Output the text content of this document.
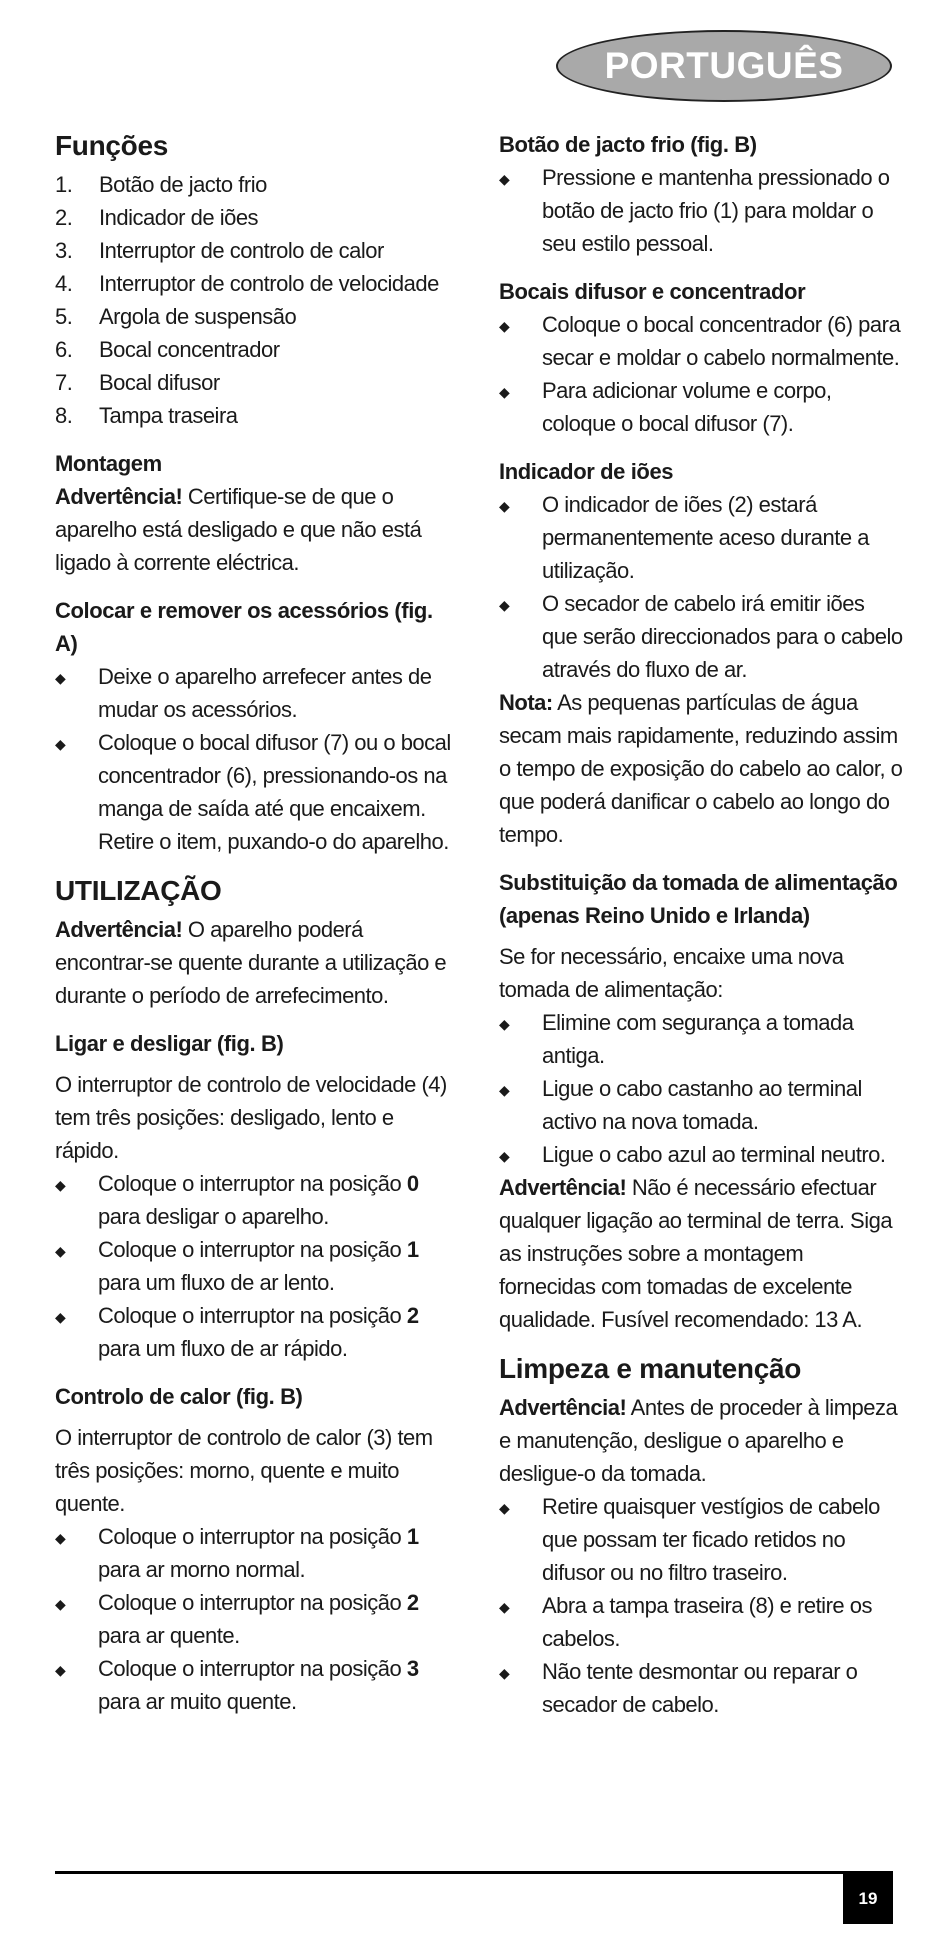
PORTUGUÊS
Funções
1. Botão de jacto frio
2. Indicador de iões
3. Interruptor de controlo de calor
4. Interruptor de controlo de velocidade
5. Argola de suspensão
6. Bocal concentrador
7. Bocal difusor
8. Tampa traseira
Montagem

Advertência! Certifique-se de que o aparelho está desligado e que não está ligado à corrente eléctrica.

Colocar e remover os acessórios (fig. A)
◆ Deixe o aparelho arrefecer antes de mudar os acessórios.
◆ Coloque o bocal difusor (7) ou o bocal concentrador (6), pressionando-os na manga de saída até que encaixem. Retire o item, puxando-o do aparelho.
UTILIZAÇÃO

Advertência! O aparelho poderá encontrar-se quente durante a utilização e durante o período de arrefecimento.

Ligar e desligar (fig. B)

O interruptor de controlo de velocidade (4) tem três posições: desligado, lento e rápido.

◆ Coloque o interruptor na posição 0 para desligar o aparelho.
◆ Coloque o interruptor na posição 1 para um fluxo de ar lento.
◆ Coloque o interruptor na posição 2 para um fluxo de ar rápido.
Controlo de calor (fig. B)

O interruptor de controlo de calor (3) tem três posições: morno, quente e muito quente.

◆ Coloque o interruptor na posição 1 para ar morno normal.
◆ Coloque o interruptor na posição 2 para ar quente.
◆ Coloque o interruptor na posição 3 para ar muito quente.
Botão de jacto frio (fig. B)
◆ Pressione e mantenha pressionado o botão de jacto frio (1) para moldar o seu estilo pessoal.
Bocais difusor e concentrador
◆ Coloque o bocal concentrador (6) para secar e moldar o cabelo normalmente.
◆ Para adicionar volume e corpo, coloque o bocal difusor (7).
Indicador de iões
◆ O indicador de iões (2) estará permanentemente aceso durante a utilização.
◆ O secador de cabelo irá emitir iões que serão direccionados para o cabelo através do fluxo de ar.

Nota: As pequenas partículas de água secam mais rapidamente, reduzindo assim o tempo de exposição do cabelo ao calor, o que poderá danificar o cabelo ao longo do tempo.

Substituição da tomada de alimentação (apenas Reino Unido e Irlanda)

Se for necessário, encaixe uma nova tomada de alimentação:

◆ Elimine com segurança a tomada antiga.
◆ Ligue o cabo castanho ao terminal activo na nova tomada.
◆ Ligue o cabo azul ao terminal neutro.

Advertência! Não é necessário efectuar qualquer ligação ao terminal de terra. Siga as instruções sobre a montagem fornecidas com tomadas de excelente qualidade. Fusível recomendado: 13 A.

Limpeza e manutenção

Advertência! Antes de proceder à limpeza e manutenção, desligue o aparelho e desligue-o da tomada.

◆ Retire quaisquer vestígios de cabelo que possam ter ficado retidos no difusor ou no filtro traseiro.
◆ Abra a tampa traseira (8) e retire os cabelos.
◆ Não tente desmontar ou reparar o secador de cabelo.
19
